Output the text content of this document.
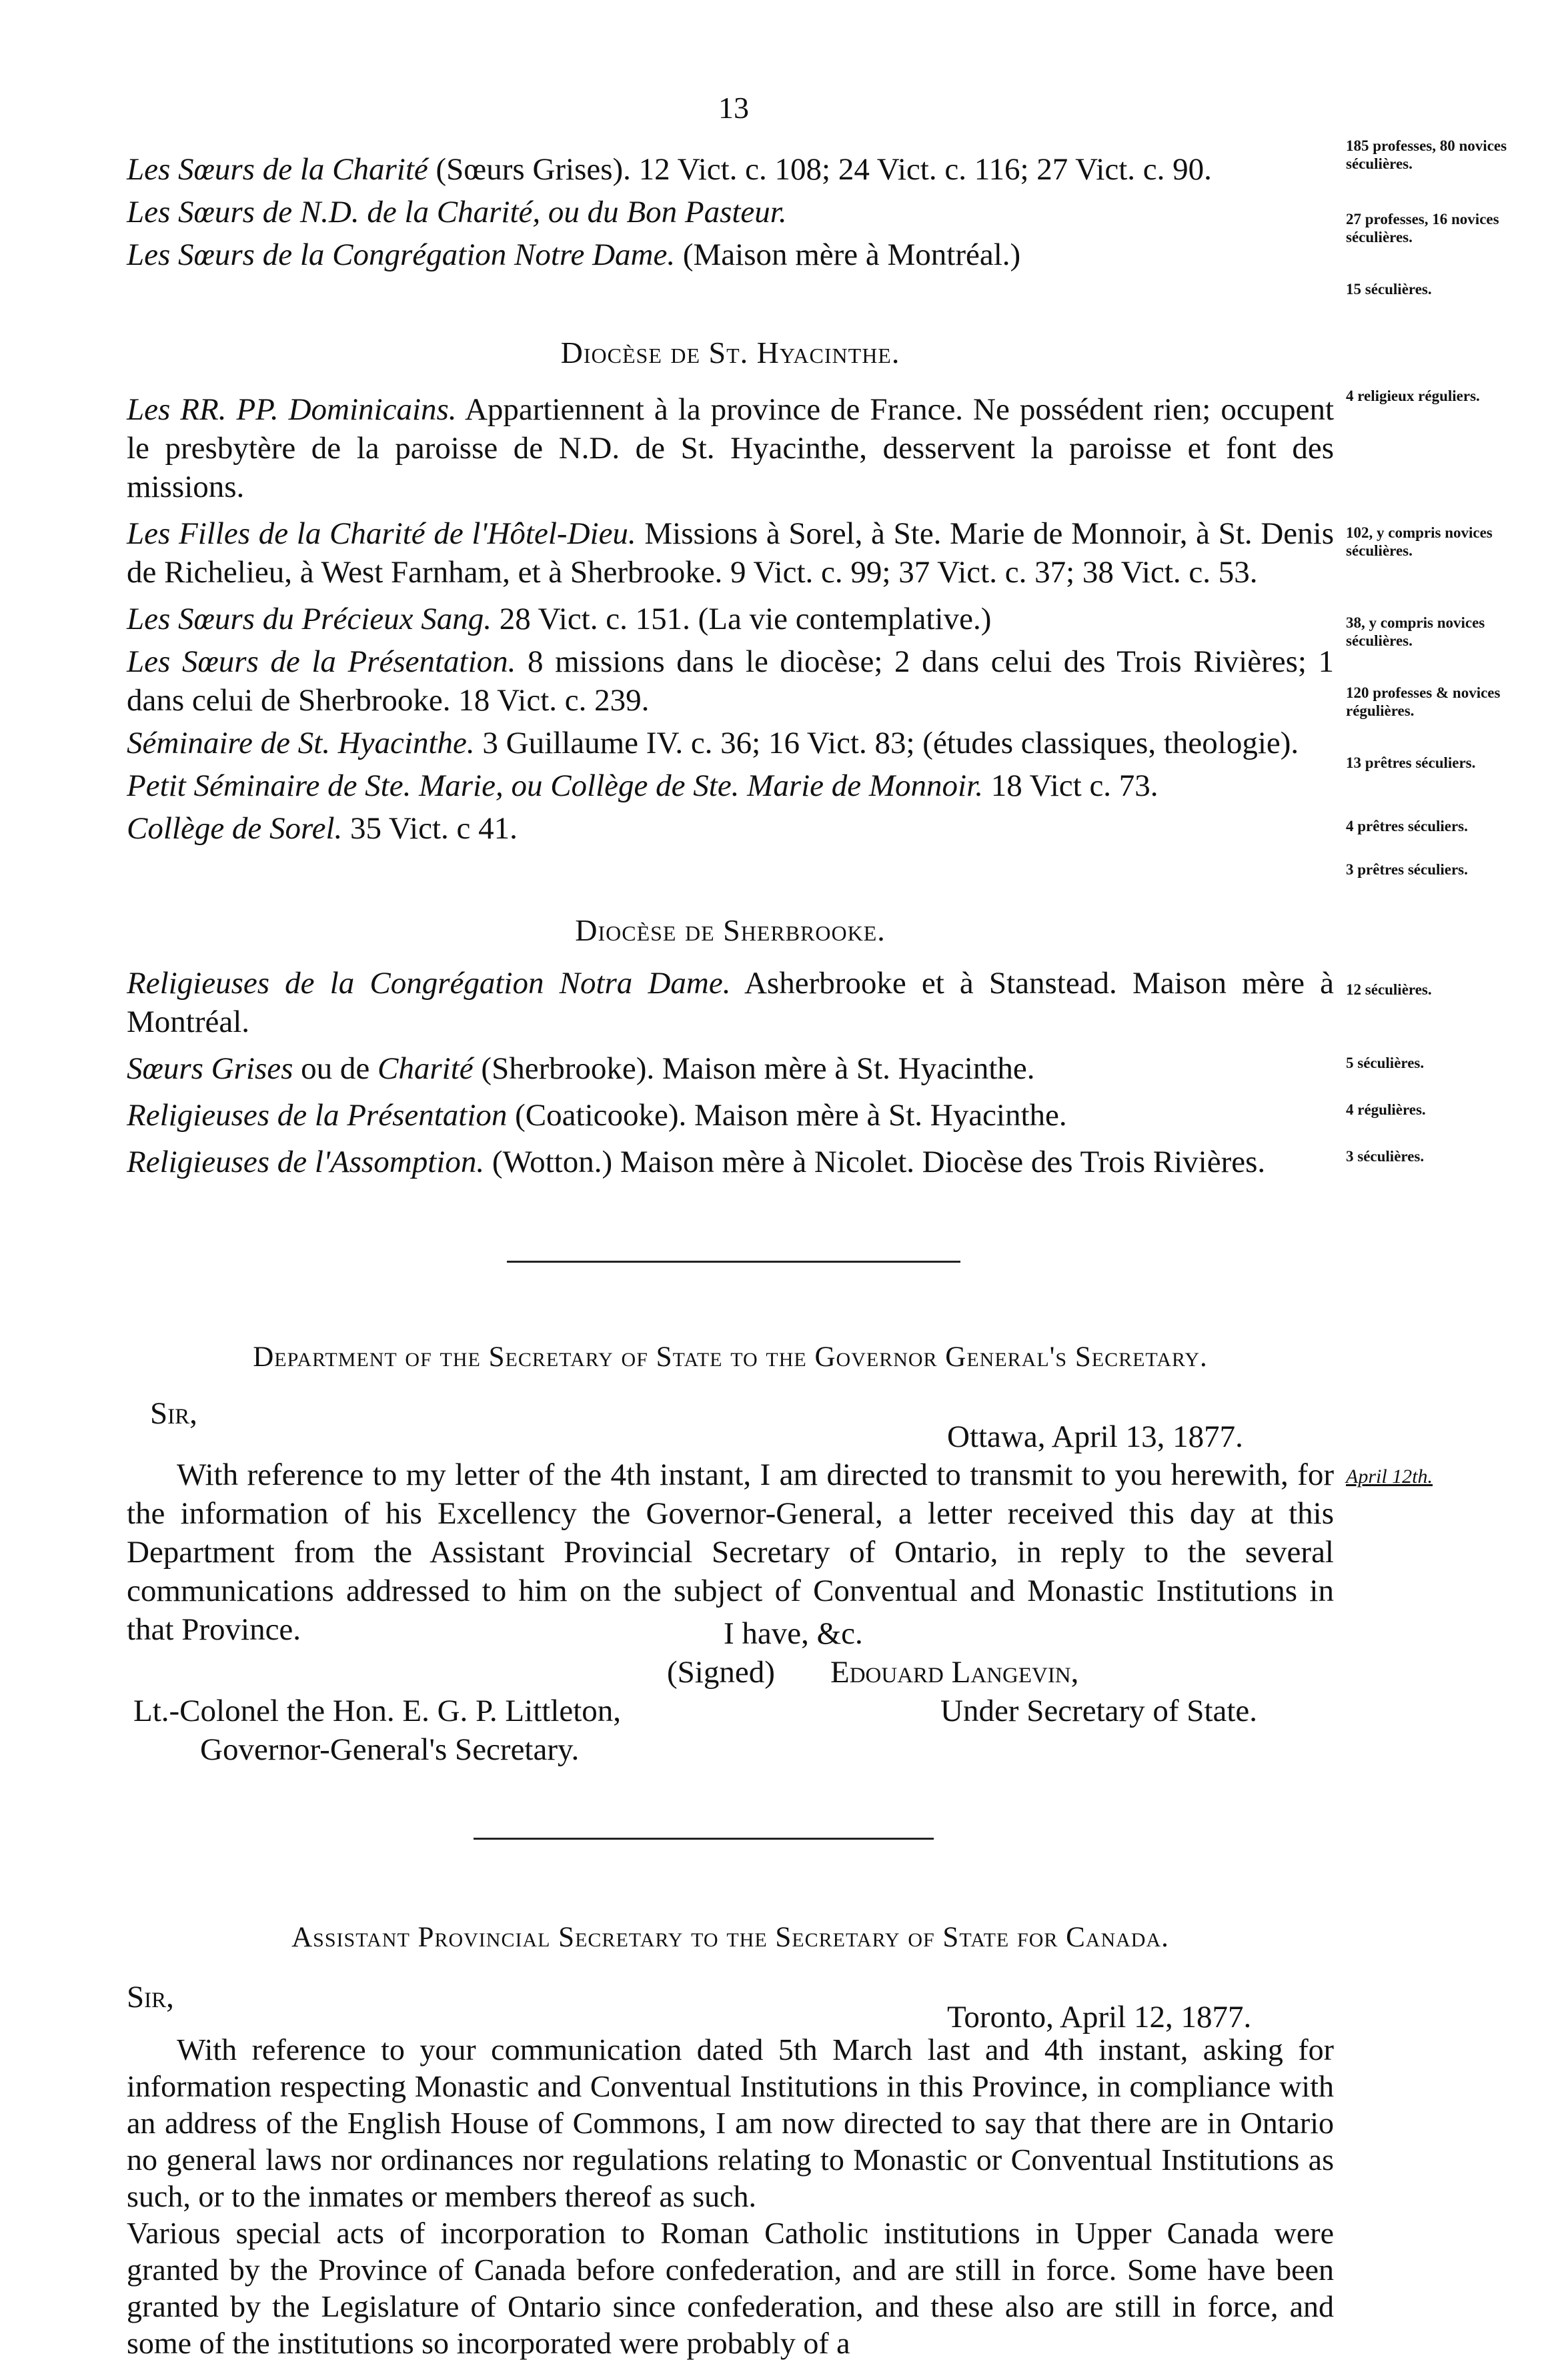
13

Les Sœurs de la Charité (Sœurs Grises). 12 Vict. c. 108; 24 Vict. c. 116; 27 Vict. c. 90.

Les Sœurs de N.D. de la Charité, ou du Bon Pasteur.

Les Sœurs de la Congrégation Notre Dame. (Maison mère à Montréal.)

185 professes, 80 novices séculières.
27 professes, 16 novices séculières.
15 séculières.
Diocèse de St. Hyacinthe.

Les RR. PP. Dominicains. Appartiennent à la province de France. Ne possédent rien; occupent le presbytère de la paroisse de N.D. de St. Hyacinthe, desservent la paroisse et font des missions.

Les Filles de la Charité de l'Hôtel-Dieu. Missions à Sorel, à Ste. Marie de Monnoir, à St. Denis de Richelieu, à West Farnham, et à Sherbrooke. 9 Vict. c. 99; 37 Vict. c. 37; 38 Vict. c. 53.

Les Sœurs du Précieux Sang. 28 Vict. c. 151. (La vie contemplative.)

Les Sœurs de la Présentation. 8 missions dans le diocèse; 2 dans celui des Trois Rivières; 1 dans celui de Sherbrooke. 18 Vict. c. 239.

Séminaire de St. Hyacinthe. 3 Guillaume IV. c. 36; 16 Vict. 83; (études classiques, theologie).

Petit Séminaire de Ste. Marie, ou Collège de Ste. Marie de Monnoir. 18 Vict c. 73.

Collège de Sorel. 35 Vict. c 41.

4 religieux réguliers.
102, y compris novices séculières.
38, y compris novices séculières.
120 professes & novices régulières.
13 prêtres séculiers.
4 prêtres séculiers.
3 prêtres séculiers.
Diocèse de Sherbrooke.

Religieuses de la Congrégation Notra Dame. Asherbrooke et à Stanstead. Maison mère à Montréal.

Sœurs Grises ou de Charité (Sherbrooke). Maison mère à St. Hyacinthe.

Religieuses de la Présentation (Coaticooke). Maison mère à St. Hyacinthe.

Religieuses de l'Assomption. (Wotton.) Maison mère à Nicolet. Diocèse des Trois Rivières.

12 séculières.
5 séculières.
4 régulières.
3 séculières.
Department of the Secretary of State to the Governor General's Secretary.
Sir,
Ottawa, April 13, 1877.

With reference to my letter of the 4th instant, I am directed to transmit to you herewith, for the information of his Excellency the Governor-General, a letter received this day at this Department from the Assistant Provincial Secretary of Ontario, in reply to the several communications addressed to him on the subject of Conventual and Monastic Institutions in that Province.

April 12th.
I have, &c.
(Signed) Edouard Langevin,
Lt.-Colonel the Hon. E. G. P. Littleton,	Under Secretary of State.
Governor-General's Secretary.
Assistant Provincial Secretary to the Secretary of State for Canada.
Sir,
Toronto, April 12, 1877.

With reference to your communication dated 5th March last and 4th instant, asking for information respecting Monastic and Conventual Institutions in this Province, in compliance with an address of the English House of Commons, I am now directed to say that there are in Ontario no general laws nor ordinances nor regulations relating to Monastic or Conventual Institutions as such, or to the inmates or members thereof as such.

Various special acts of incorporation to Roman Catholic institutions in Upper Canada were granted by the Province of Canada before confederation, and are still in force. Some have been granted by the Legislature of Ontario since confederation, and these also are still in force, and some of the institutions so incorporated were probably of a
